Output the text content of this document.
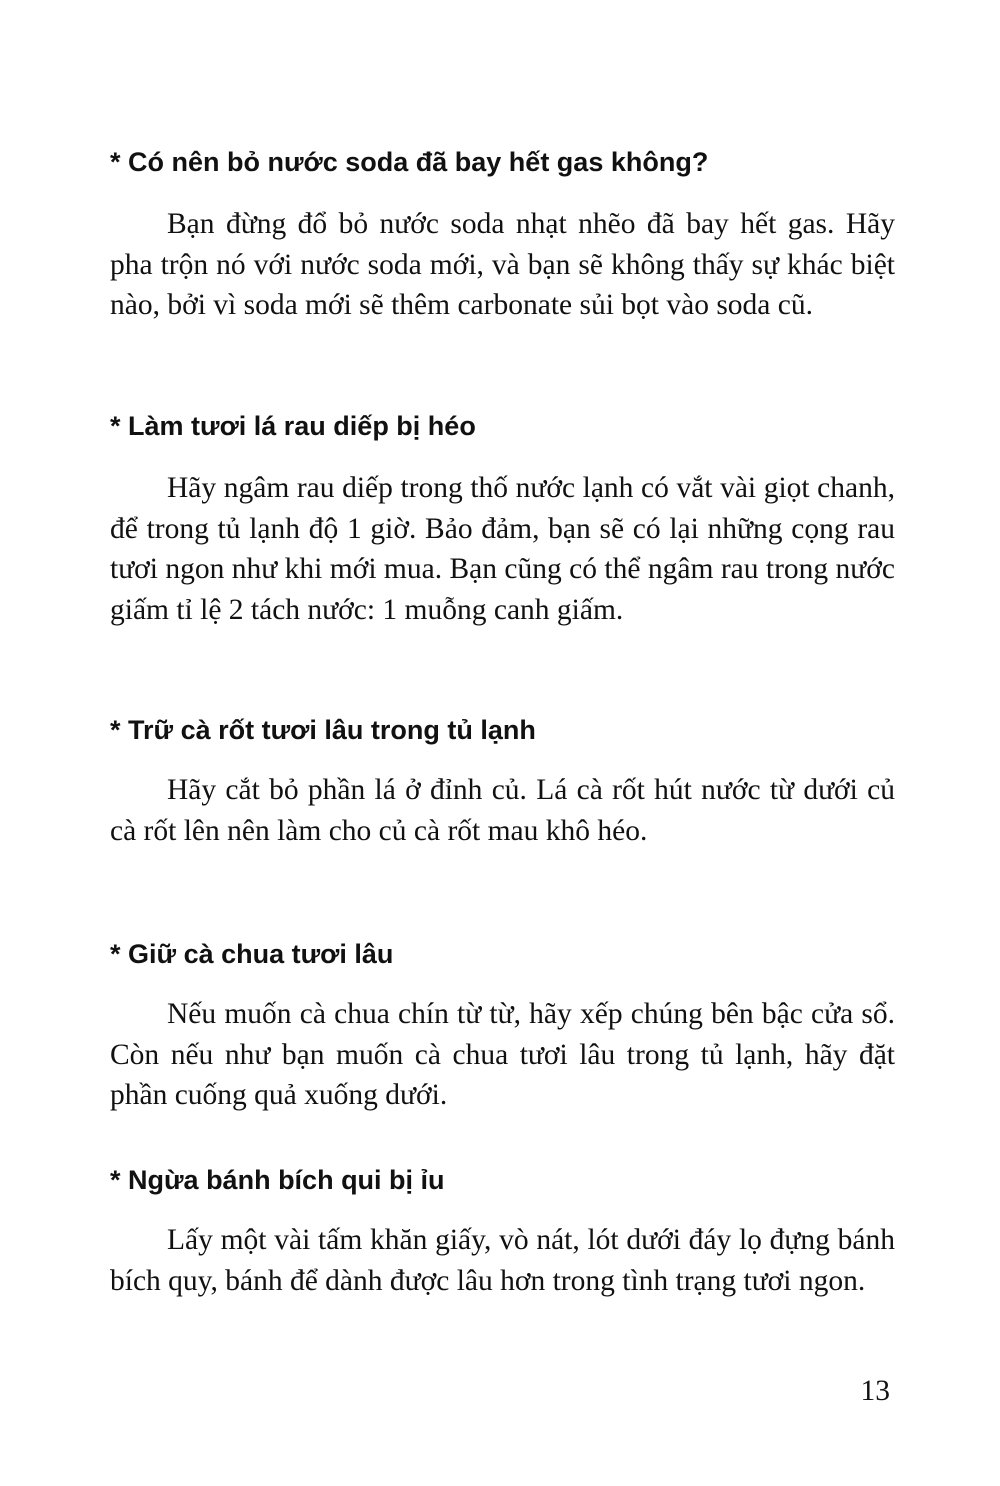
* Có nên bỏ nước soda đã bay hết gas không?

Bạn đừng đổ bỏ nước soda nhạt nhẽo đã bay hết gas. Hãy pha trộn nó với nước soda mới, và bạn sẽ không thấy sự khác biệt nào, bởi vì soda mới sẽ thêm carbonate sủi bọt vào soda cũ.

* Làm tươi lá rau diếp bị héo

Hãy ngâm rau diếp trong thố nước lạnh có vắt vài giọt chanh, để trong tủ lạnh độ 1 giờ. Bảo đảm, bạn sẽ có lại những cọng rau tươi ngon như khi mới mua. Bạn cũng có thể ngâm rau trong nước giấm tỉ lệ 2 tách nước: 1 muỗng canh giấm.

* Trữ cà rốt tươi lâu trong tủ lạnh

Hãy cắt bỏ phần lá ở đỉnh củ. Lá cà rốt hút nước từ dưới củ cà rốt lên nên làm cho củ cà rốt mau khô héo.

* Giữ cà chua tươi lâu

Nếu muốn cà chua chín từ từ, hãy xếp chúng bên bậc cửa sổ. Còn nếu như bạn muốn cà chua tươi lâu trong tủ lạnh, hãy đặt phần cuống quả xuống dưới.

* Ngừa bánh bích qui bị ỉu

Lấy một vài tấm khăn giấy, vò nát, lót dưới đáy lọ đựng bánh bích quy, bánh để dành được lâu hơn trong tình trạng tươi ngon.

13
